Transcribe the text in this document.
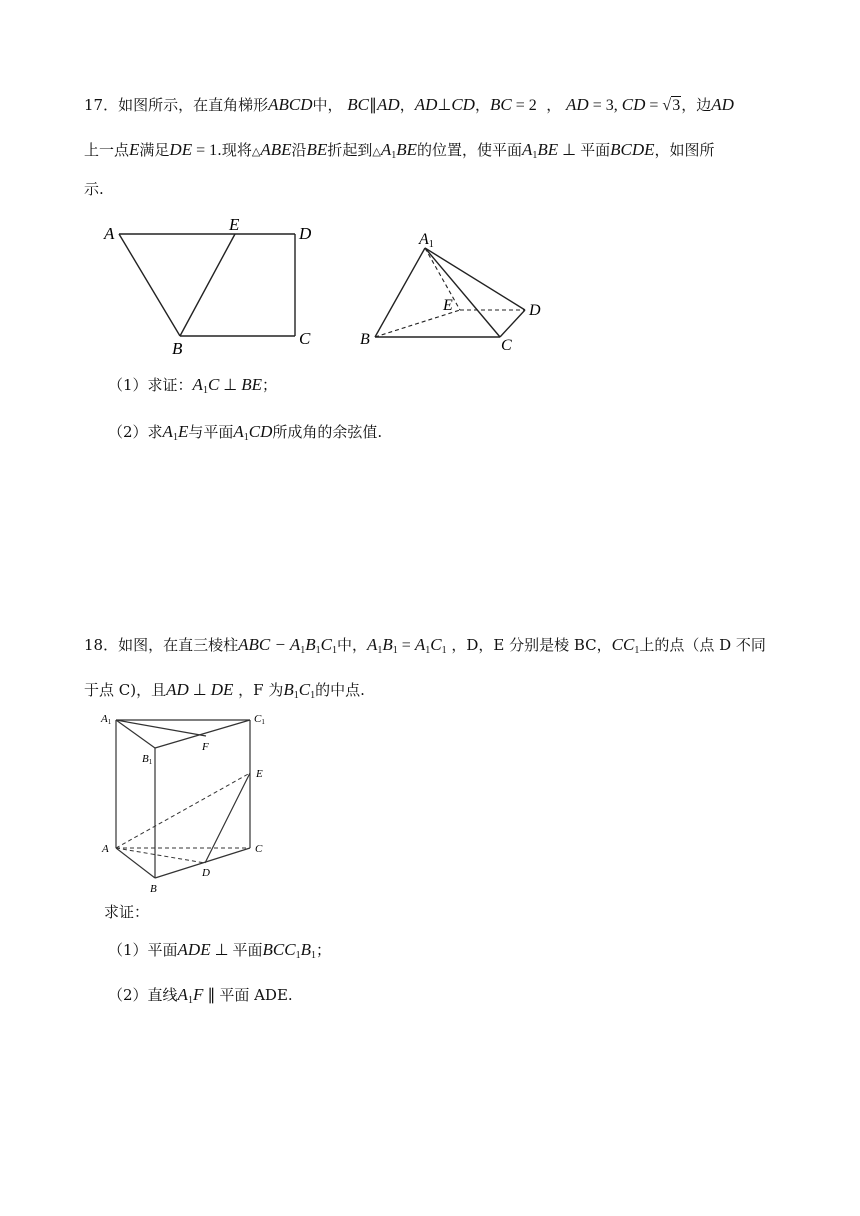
17．如图所示，在直角梯形ABCD中， BC∥AD，AD⊥CD，BC = 2  ， AD = 3, CD = √3，边AD
上一点E满足DE = 1.现将△ABE沿BE折起到$\triangle A_1BE$的位置，使平面$A_1BE$ ⊥ 平面BCDE，如图所
示.
A	E	D
B
C
A1
E	D
B	C
（1）求证：$A_1C$ ⊥ BE；
（2）求$A_1E$与平面$A_1CD$所成角的余弦值.
18．如图，在直三棱柱ABC − $A_1B_1C_1$中，$A_1B_1 = A_1C_1$ ，D，E 分别是棱 BC，$CC_1$上的点（点 D 不同
于点 C)，且AD ⊥ DE ，F 为$B_1C_1$的中点.
A1	C1
B1
F
E
A	C
D
B
求证：
（1）平面ADE ⊥ 平面$BCC_1B_1$；
（2）直线$A_1F$ ∥ 平面 ADE.
